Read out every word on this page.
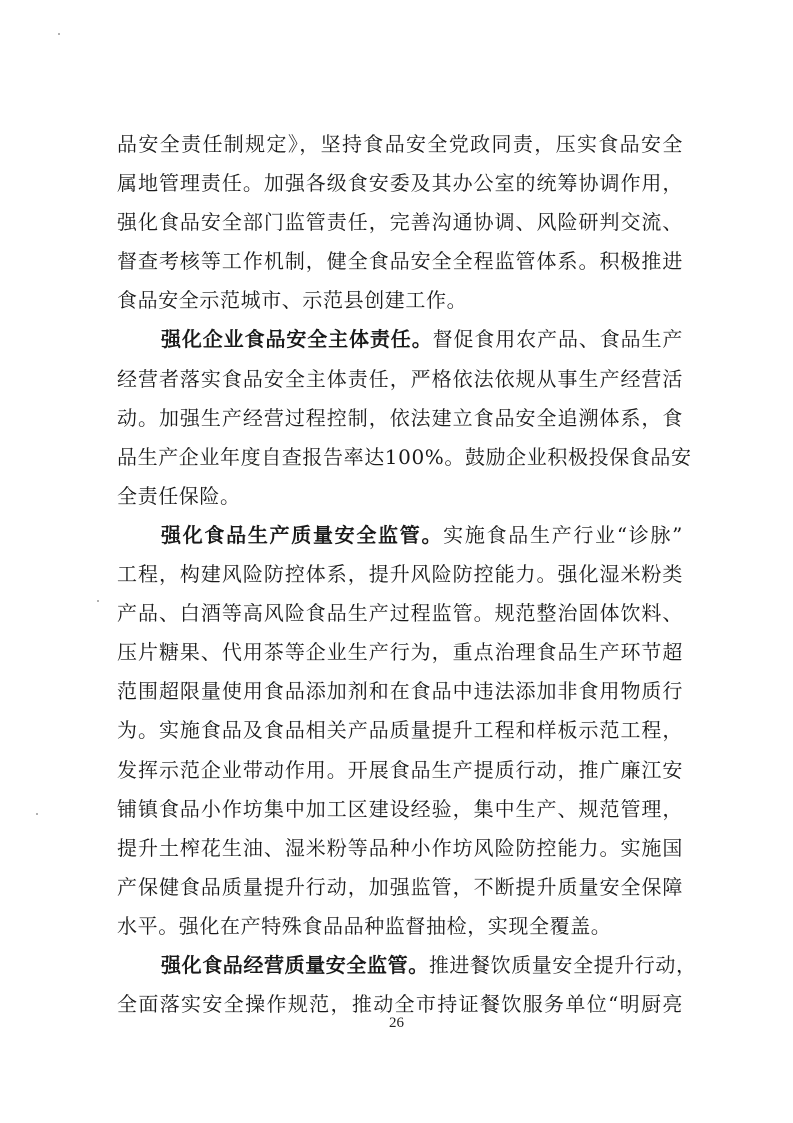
品安全责任制规定》，坚持食品安全党政同责，压实食品安全
属地管理责任。加强各级食安委及其办公室的统筹协调作用，
强化食品安全部门监管责任，完善沟通协调、风险研判交流、
督查考核等工作机制，健全食品安全全程监管体系。积极推进
食品安全示范城市、示范县创建工作。
强化企业食品安全主体责任。督促食用农产品、食品生产
经营者落实食品安全主体责任，严格依法依规从事生产经营活
动。加强生产经营过程控制，依法建立食品安全追溯体系，食
品生产企业年度自查报告率达100%。鼓励企业积极投保食品安
全责任保险。
强化食品生产质量安全监管。实施食品生产行业“诊脉”
工程，构建风险防控体系，提升风险防控能力。强化湿米粉类
产品、白酒等高风险食品生产过程监管。规范整治固体饮料、
压片糖果、代用茶等企业生产行为，重点治理食品生产环节超
范围超限量使用食品添加剂和在食品中违法添加非食用物质行
为。实施食品及食品相关产品质量提升工程和样板示范工程，
发挥示范企业带动作用。开展食品生产提质行动，推广廉江安
铺镇食品小作坊集中加工区建设经验，集中生产、规范管理，
提升土榨花生油、湿米粉等品种小作坊风险防控能力。实施国
产保健食品质量提升行动，加强监管，不断提升质量安全保障
水平。强化在产特殊食品品种监督抽检，实现全覆盖。
强化食品经营质量安全监管。推进餐饮质量安全提升行动，
全面落实安全操作规范，推动全市持证餐饮服务单位“明厨亮
26
